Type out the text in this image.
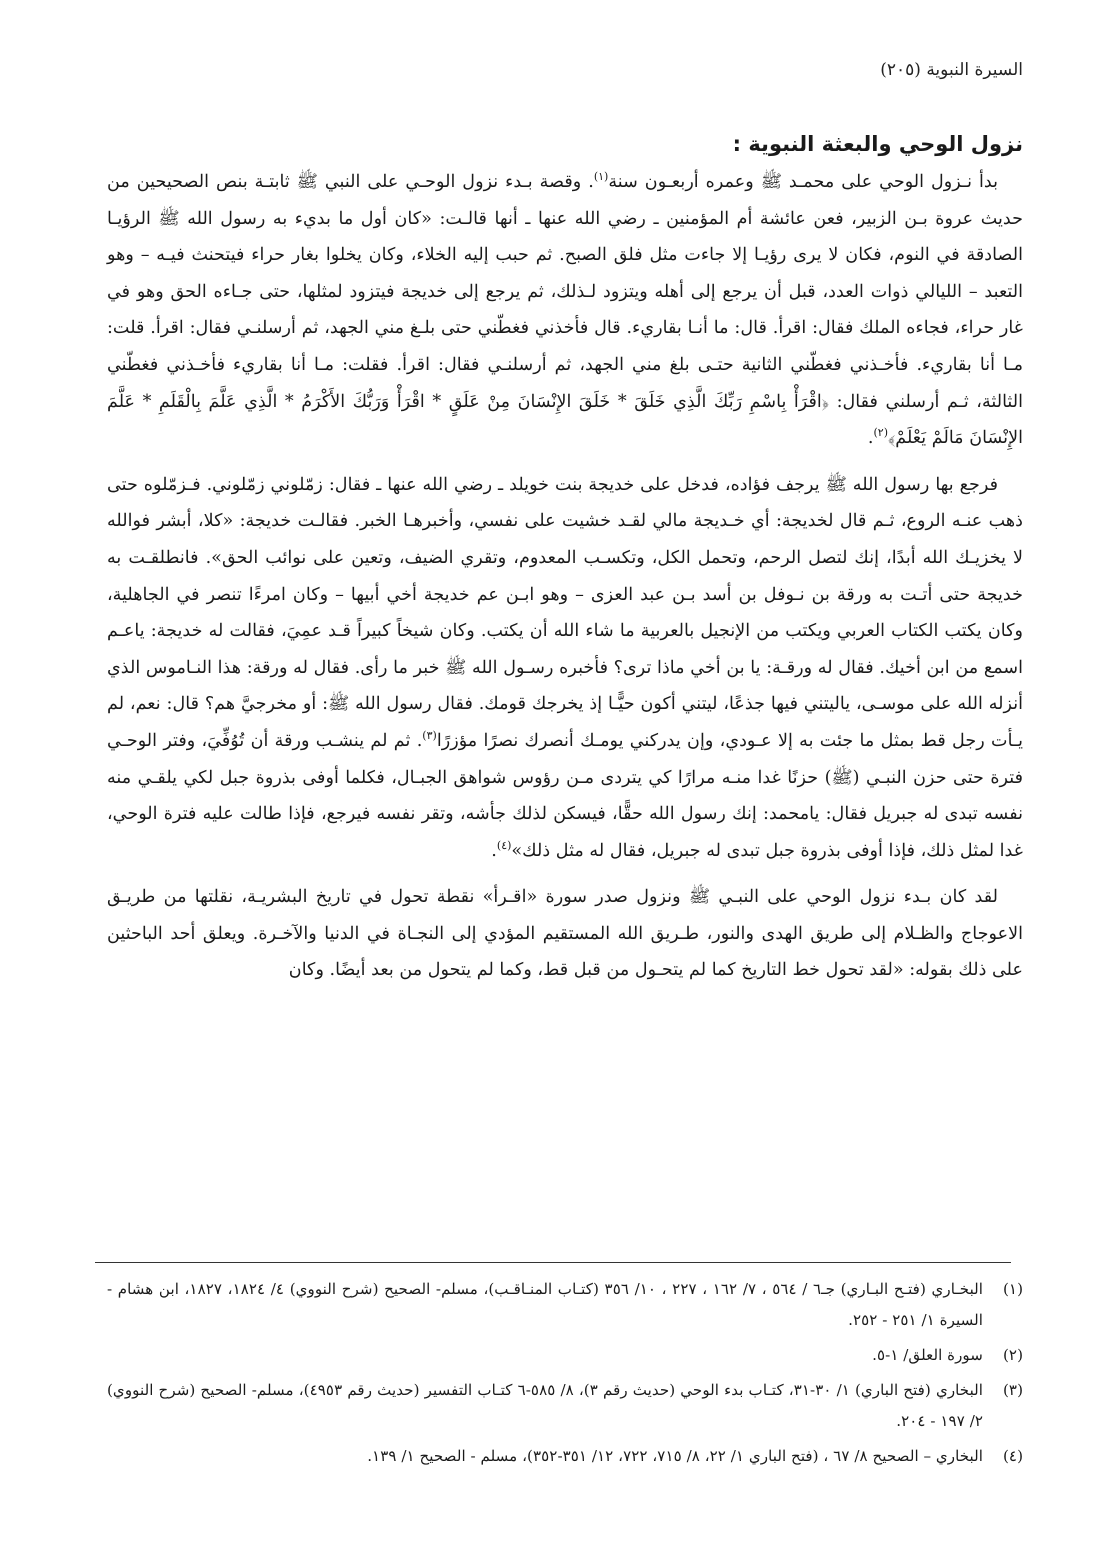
السيرة النبوية (٢٠٥)
نزول الوحي والبعثة النبوية :

بدأ نـزول الوحي على محمـد ﷺ وعمره أربعـون سنة$^{(١)}$. وقصة بـدء نزول الوحـي على النبي ﷺ ثابتـة بنص الصحيحين من حديث عروة بـن الزبير، فعن عائشة أم المؤمنين ـ رضي الله عنها ـ أنها قالـت: «كان أول ما بديء به رسول الله ﷺ الرؤيـا الصادقة في النوم، فكان لا يرى رؤيـا إلا جاءت مثل فلق الصبح. ثم حبب إليه الخلاء، وكان يخلوا بغار حراء فيتحنث فيـه – وهو التعبد – الليالي ذوات العدد، قبل أن يرجع إلى أهله ويتزود لـذلك، ثم يرجع إلى خديجة فيتزود لمثلها، حتى جـاءه الحق وهو في غار حراء، فجاءه الملك فقال: اقرأ. قال: ما أنـا بقاريء. قال فأخذني فغطّني حتى بلـغ مني الجهد، ثم أرسلنـي فقال: اقرأ. قلت: مـا أنا بقاريء. فأخـذني فغطّني الثانية حتـى بلغ مني الجهد، ثم أرسلنـي فقال: اقرأ. فقلت: مـا أنا بقاريء فأخـذني فغطّني الثالثة، ثـم أرسلني فقال: ﴿اقْرَأْ بِاسْمِ رَبِّكَ الَّذِي خَلَقَ * خَلَقَ الإِنْسَانَ مِنْ عَلَقٍ * اقْرَأْ وَرَبُّكَ الأَكْرَمُ * الَّذِي عَلَّمَ بِالْقَلَمِ * عَلَّمَ الإِنْسَانَ مَالَمْ يَعْلَمْ﴾$^{(٢)}$.

فرجع بها رسول الله ﷺ يرجف فؤاده، فدخل على خديجة بنت خويلد ـ رضي الله عنها ـ فقال: زمّلوني زمّلوني. فـزمّلوه حتى ذهب عنـه الروع، ثـم قال لخديجة: أي خـديجة مالي لقـد خشيت على نفسي، وأخبرهـا الخبر. فقالـت خديجة: «كلا، أبشر فوالله لا يخزيـك الله أبدًا، إنك لتصل الرحم، وتحمل الكل، وتكسـب المعدوم، وتقري الضيف، وتعين على نوائب الحق». فانطلقـت به خديجة حتى أتـت به ورقة بن نـوفل بن أسد بـن عبد العزى – وهو ابـن عم خديجة أخي أبيها – وكان امرءًا تنصر في الجاهلية، وكان يكتب الكتاب العربي ويكتب من الإنجيل بالعربية ما شاء الله أن يكتب. وكان شيخاً كبيراً قـد عمِيَ، فقالت له خديجة: ياعـم اسمع من ابن أخيك. فقال له ورقـة: يا بن أخي ماذا ترى؟ فأخبره رسـول الله ﷺ خبر ما رأى. فقال له ورقة: هذا النـاموس الذي أنزله الله على موسـى، ياليتني فيها جذعًا، ليتني أكون حيًّـا إذ يخرجك قومك. فقال رسول الله ﷺ: أو مخرجيَّ هم؟ قال: نعم، لم يـأت رجل قط بمثل ما جئت به إلا عـودي، وإن يدركني يومـك أنصرك نصرًا مؤزرًا$^{(٣)}$. ثم لم ينشـب ورقة أن تُوُفِّيَ، وفتر الوحـي فترة حتى حزن النبـي (ﷺ) حزنًا غدا منـه مرارًا كي يتردى مـن رؤوس شواهق الجبـال، فكلما أوفى بذروة جبل لكي يلقـي منه نفسه تبدى له جبريل فقال: يامحمد: إنك رسول الله حقًّا، فيسكن لذلك جأشه، وتقر نفسه فيرجع، فإذا طالت عليه فترة الوحي، غدا لمثل ذلك، فإذا أوفى بذروة جبل تبدى له جبريل، فقال له مثل ذلك»$^{(٤)}$.

لقد كان بـدء نزول الوحي على النبـي ﷺ ونزول صدر سورة «اقـرأ» نقطة تحول في تاريخ البشريـة، نقلتها من طريـق الاعوجاج والظـلام إلى طريق الهدى والنور، طـريق الله المستقيم المؤدي إلى النجـاة في الدنيا والآخـرة. ويعلق أحد الباحثين على ذلك بقوله: «لقد تحول خط التاريخ كما لم يتحـول من قبل قط، وكما لم يتحول من بعد أيضًا. وكان

(١)
البخـاري (فتـح البـاري) جـ٦ / ٥٦٤ ، ٧/ ١٦٢ ، ٢٢٧ ، ١٠/ ٣٥٦ (كتـاب المنـاقـب)، مسلم- الصحيح (شرح النووي) ٤/ ١٨٢٤، ١٨٢٧، ابن هشام - السيرة ١/ ٢٥١ - ٢٥٢.
(٢)
سورة العلق/ ١-٥.
(٣)
البخاري (فتح الباري) ١/ ٣٠-٣١، كتـاب بدء الوحي (حديث رقم ٣)، ٨/ ٥٨٥-٦ كتـاب التفسير (حديث رقم ٤٩٥٣)، مسلم- الصحيح (شرح النووي) ٢/ ١٩٧ - ٢٠٤.
(٤)
البخاري – الصحيح ٨/ ٦٧ ، (فتح الباري ١/ ٢٢، ٨/ ٧١٥، ٧٢٢، ١٢/ ٣٥١-٣٥٢)، مسلم - الصحيح ١/ ١٣٩.
